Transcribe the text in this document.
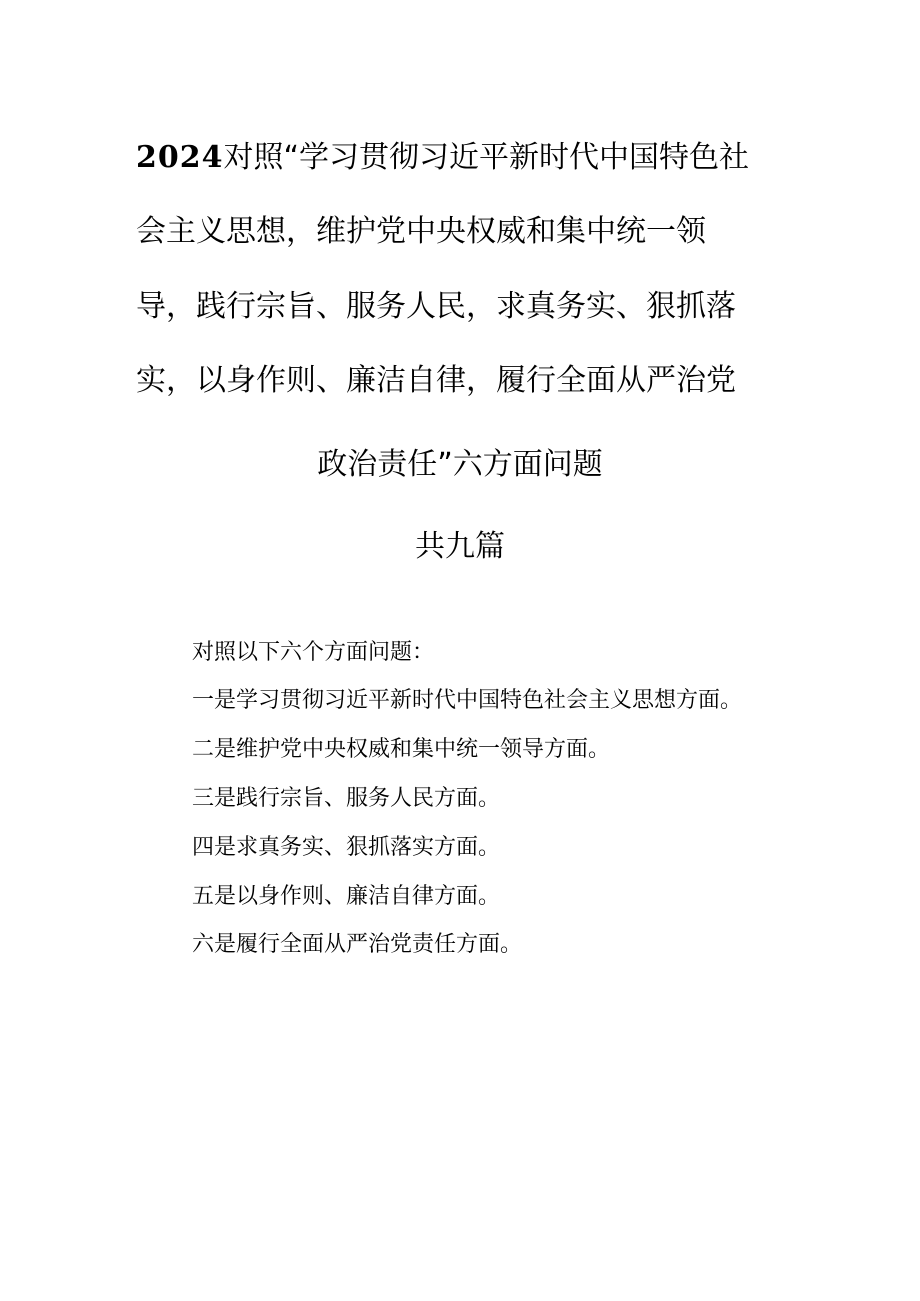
2024对照“学习贯彻习近平新时代中国特色社
会主义思想，维护党中央权威和集中统一领
导，践行宗旨、服务人民，求真务实、狠抓落
实，以身作则、廉洁自律，履行全面从严治党
政治责任”六方面问题
共九篇
对照以下六个方面问题：
一是学习贯彻习近平新时代中国特色社会主义思想方面。
二是维护党中央权威和集中统一领导方面。
三是践行宗旨、服务人民方面。
四是求真务实、狠抓落实方面。
五是以身作则、廉洁自律方面。
六是履行全面从严治党责任方面。
